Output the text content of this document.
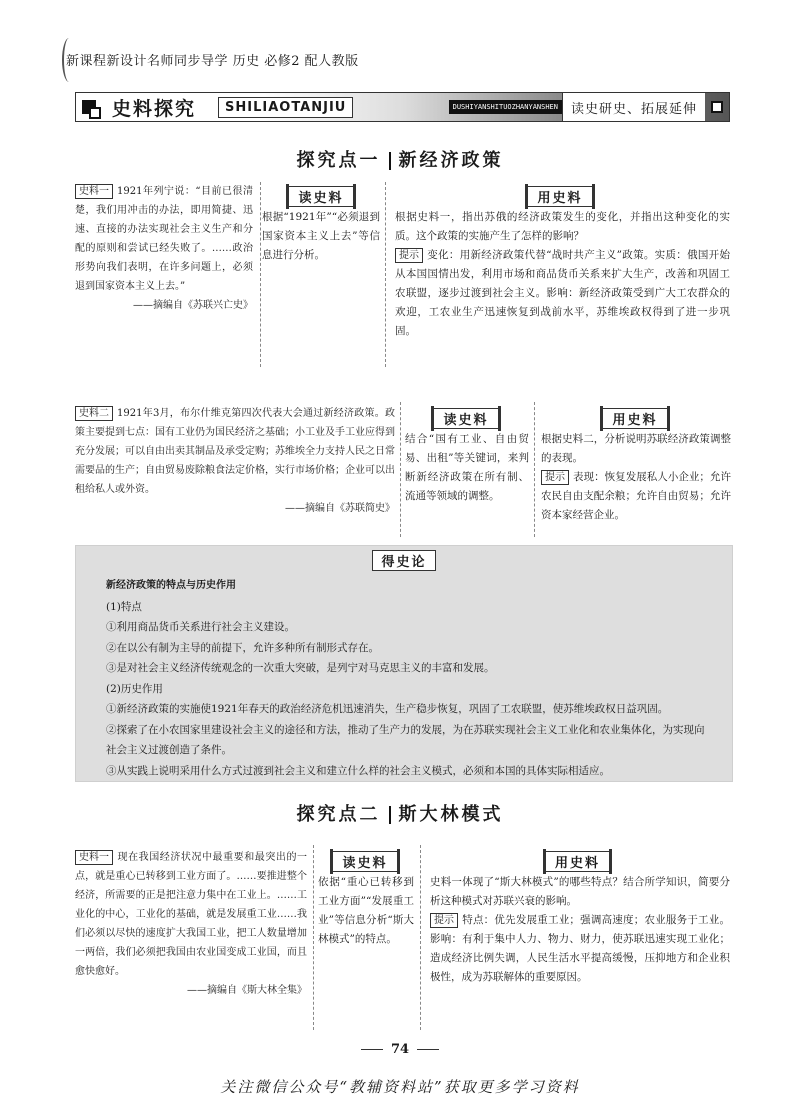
新课程新设计名师同步导学 历史 必修2 配人教版
史料探究	SHILIAOTANJIU	DUSHIYANSHITUOZHANYANSHEN	读史研史、拓展延伸
探究点一 新经济政策
史料一 1921年列宁说：“目前已很清楚，我们用冲击的办法，即用简捷、迅速、直接的办法实现社会主义生产和分配的原则和尝试已经失败了。……政治形势向我们表明，在许多问题上，必须退到国家资本主义上去。”
——摘编自《苏联兴亡史》
读史料
根据“1921年”“必须退到国家资本主义上去”等信息进行分析。
用史料
根据史料一，指出苏俄的经济政策发生的变化，并指出这种变化的实质。这个政策的实施产生了怎样的影响？
提示 变化：用新经济政策代替“战时共产主义”政策。实质：俄国开始从本国国情出发，利用市场和商品货币关系来扩大生产，改善和巩固工农联盟，逐步过渡到社会主义。影响：新经济政策受到广大工农群众的欢迎，工农业生产迅速恢复到战前水平，苏维埃政权得到了进一步巩固。
史料二 1921年3月，布尔什维克第四次代表大会通过新经济政策。政策主要提到七点：国有工业仍为国民经济之基础；小工业及手工业应得到充分发展；可以自由出卖其制品及承受定购；苏维埃全力支持人民之日常需要品的生产；自由贸易废除粮食法定价格，实行市场价格；企业可以出租给私人或外资。
——摘编自《苏联简史》
读史料
结合“国有工业、自由贸易、出租”等关键词，来判断新经济政策在所有制、流通等领域的调整。
用史料
根据史料二，分析说明苏联经济政策调整的表现。
提示 表现：恢复发展私人小企业；允许农民自由支配余粮；允许自由贸易；允许资本家经营企业。
得史论
新经济政策的特点与历史作用
(1)特点
①利用商品货币关系进行社会主义建设。
②在以公有制为主导的前提下，允许多种所有制形式存在。
③是对社会主义经济传统观念的一次重大突破，是列宁对马克思主义的丰富和发展。
(2)历史作用
①新经济政策的实施使1921年春天的政治经济危机迅速消失，生产稳步恢复，巩固了工农联盟，使苏维埃政权日益巩固。
②探索了在小农国家里建设社会主义的途径和方法，推动了生产力的发展，为在苏联实现社会主义工业化和农业集体化，为实现向社会主义过渡创造了条件。
③从实践上说明采用什么方式过渡到社会主义和建立什么样的社会主义模式，必须和本国的具体实际相适应。
探究点二 斯大林模式
史料一 现在我国经济状况中最重要和最突出的一点，就是重心已转移到工业方面了。……要推进整个经济，所需要的正是把注意力集中在工业上。……工业化的中心，工业化的基础，就是发展重工业……我们必须以尽快的速度扩大我国工业，把工人数量增加一两倍，我们必须把我国由农业国变成工业国，而且愈快愈好。
——摘编自《斯大林全集》
读史料
依据“重心已转移到工业方面”“发展重工业”等信息分析“斯大林模式”的特点。
用史料
史料一体现了“斯大林模式”的哪些特点？结合所学知识，简要分析这种模式对苏联兴衰的影响。
提示 特点：优先发展重工业；强调高速度；农业服务于工业。影响：有利于集中人力、物力、财力，使苏联迅速实现工业化；造成经济比例失调，人民生活水平提高缓慢，压抑地方和企业积极性，成为苏联解体的重要原因。
74
关注微信公众号“教辅资料站”获取更多学习资料
